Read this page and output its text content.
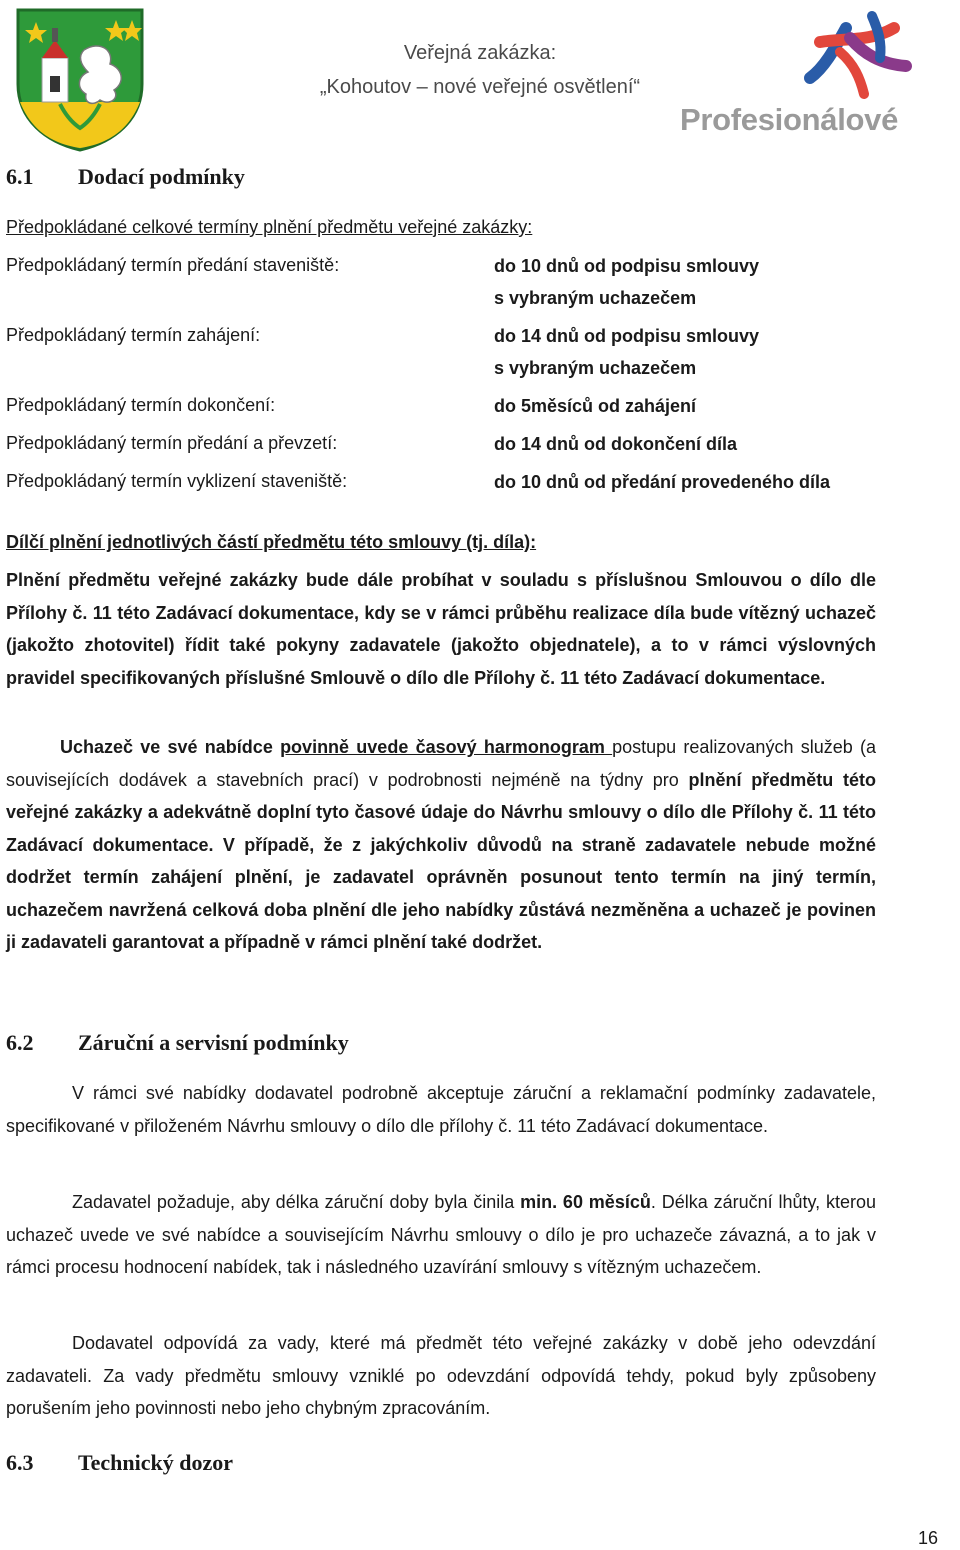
Veřejná zakázka:
„Kohoutov – nové veřejné osvětlení“
Profesionálové
6.1 Dodací podmínky
Předpokládané celkové termíny plnění předmětu veřejné zakázky:
Předpokládaný termín předání staveniště:	do 10 dnů od podpisu smlouvy
s vybraným uchazečem
Předpokládaný termín zahájení:	do 14 dnů od podpisu smlouvy
s vybraným uchazečem
Předpokládaný termín dokončení:	do 5měsíců od zahájení
Předpokládaný termín předání a převzetí:	do 14 dnů od dokončení díla
Předpokládaný termín vyklizení staveniště:	do 10 dnů od předání provedeného díla
Dílčí plnění jednotlivých částí předmětu této smlouvy (tj. díla):
Plnění předmětu veřejné zakázky bude dále probíhat v souladu s příslušnou Smlouvou o dílo dle Přílohy č. 11 této Zadávací dokumentace, kdy se v rámci průběhu realizace díla bude vítězný uchazeč (jakožto zhotovitel) řídit také pokyny zadavatele (jakožto objednatele), a to v rámci výslovných pravidel specifikovaných příslušné Smlouvě o dílo dle Přílohy č. 11 této Zadávací dokumentace.
Uchazeč ve své nabídce povinně uvede časový harmonogram postupu realizovaných služeb (a souvisejících dodávek a stavebních prací) v podrobnosti nejméně na týdny pro plnění předmětu této veřejné zakázky a adekvátně doplní tyto časové údaje do Návrhu smlouvy o dílo dle Přílohy č. 11 této Zadávací dokumentace. V případě, že z jakýchkoliv důvodů na straně zadavatele nebude možné dodržet termín zahájení plnění, je zadavatel oprávněn posunout tento termín na jiný termín, uchazečem navržená celková doba plnění dle jeho nabídky zůstává nezměněna a uchazeč je povinen ji zadavateli garantovat a případně v rámci plnění také dodržet.
6.2 Záruční a servisní podmínky
V rámci své nabídky dodavatel podrobně akceptuje záruční a reklamační podmínky zadavatele, specifikované v přiloženém Návrhu smlouvy o dílo dle přílohy č. 11 této Zadávací dokumentace.
Zadavatel požaduje, aby délka záruční doby byla činila min. 60 měsíců. Délka záruční lhůty, kterou uchazeč uvede ve své nabídce a souvisejícím Návrhu smlouvy o dílo je pro uchazeče závazná, a to jak v rámci procesu hodnocení nabídek, tak i následného uzavírání smlouvy s vítězným uchazečem.
Dodavatel odpovídá za vady, které má předmět této veřejné zakázky v době jeho odevzdání zadavateli. Za vady předmětu smlouvy vzniklé po odevzdání odpovídá tehdy, pokud byly způsobeny porušením jeho povinnosti nebo jeho chybným zpracováním.
6.3 Technický dozor
16
